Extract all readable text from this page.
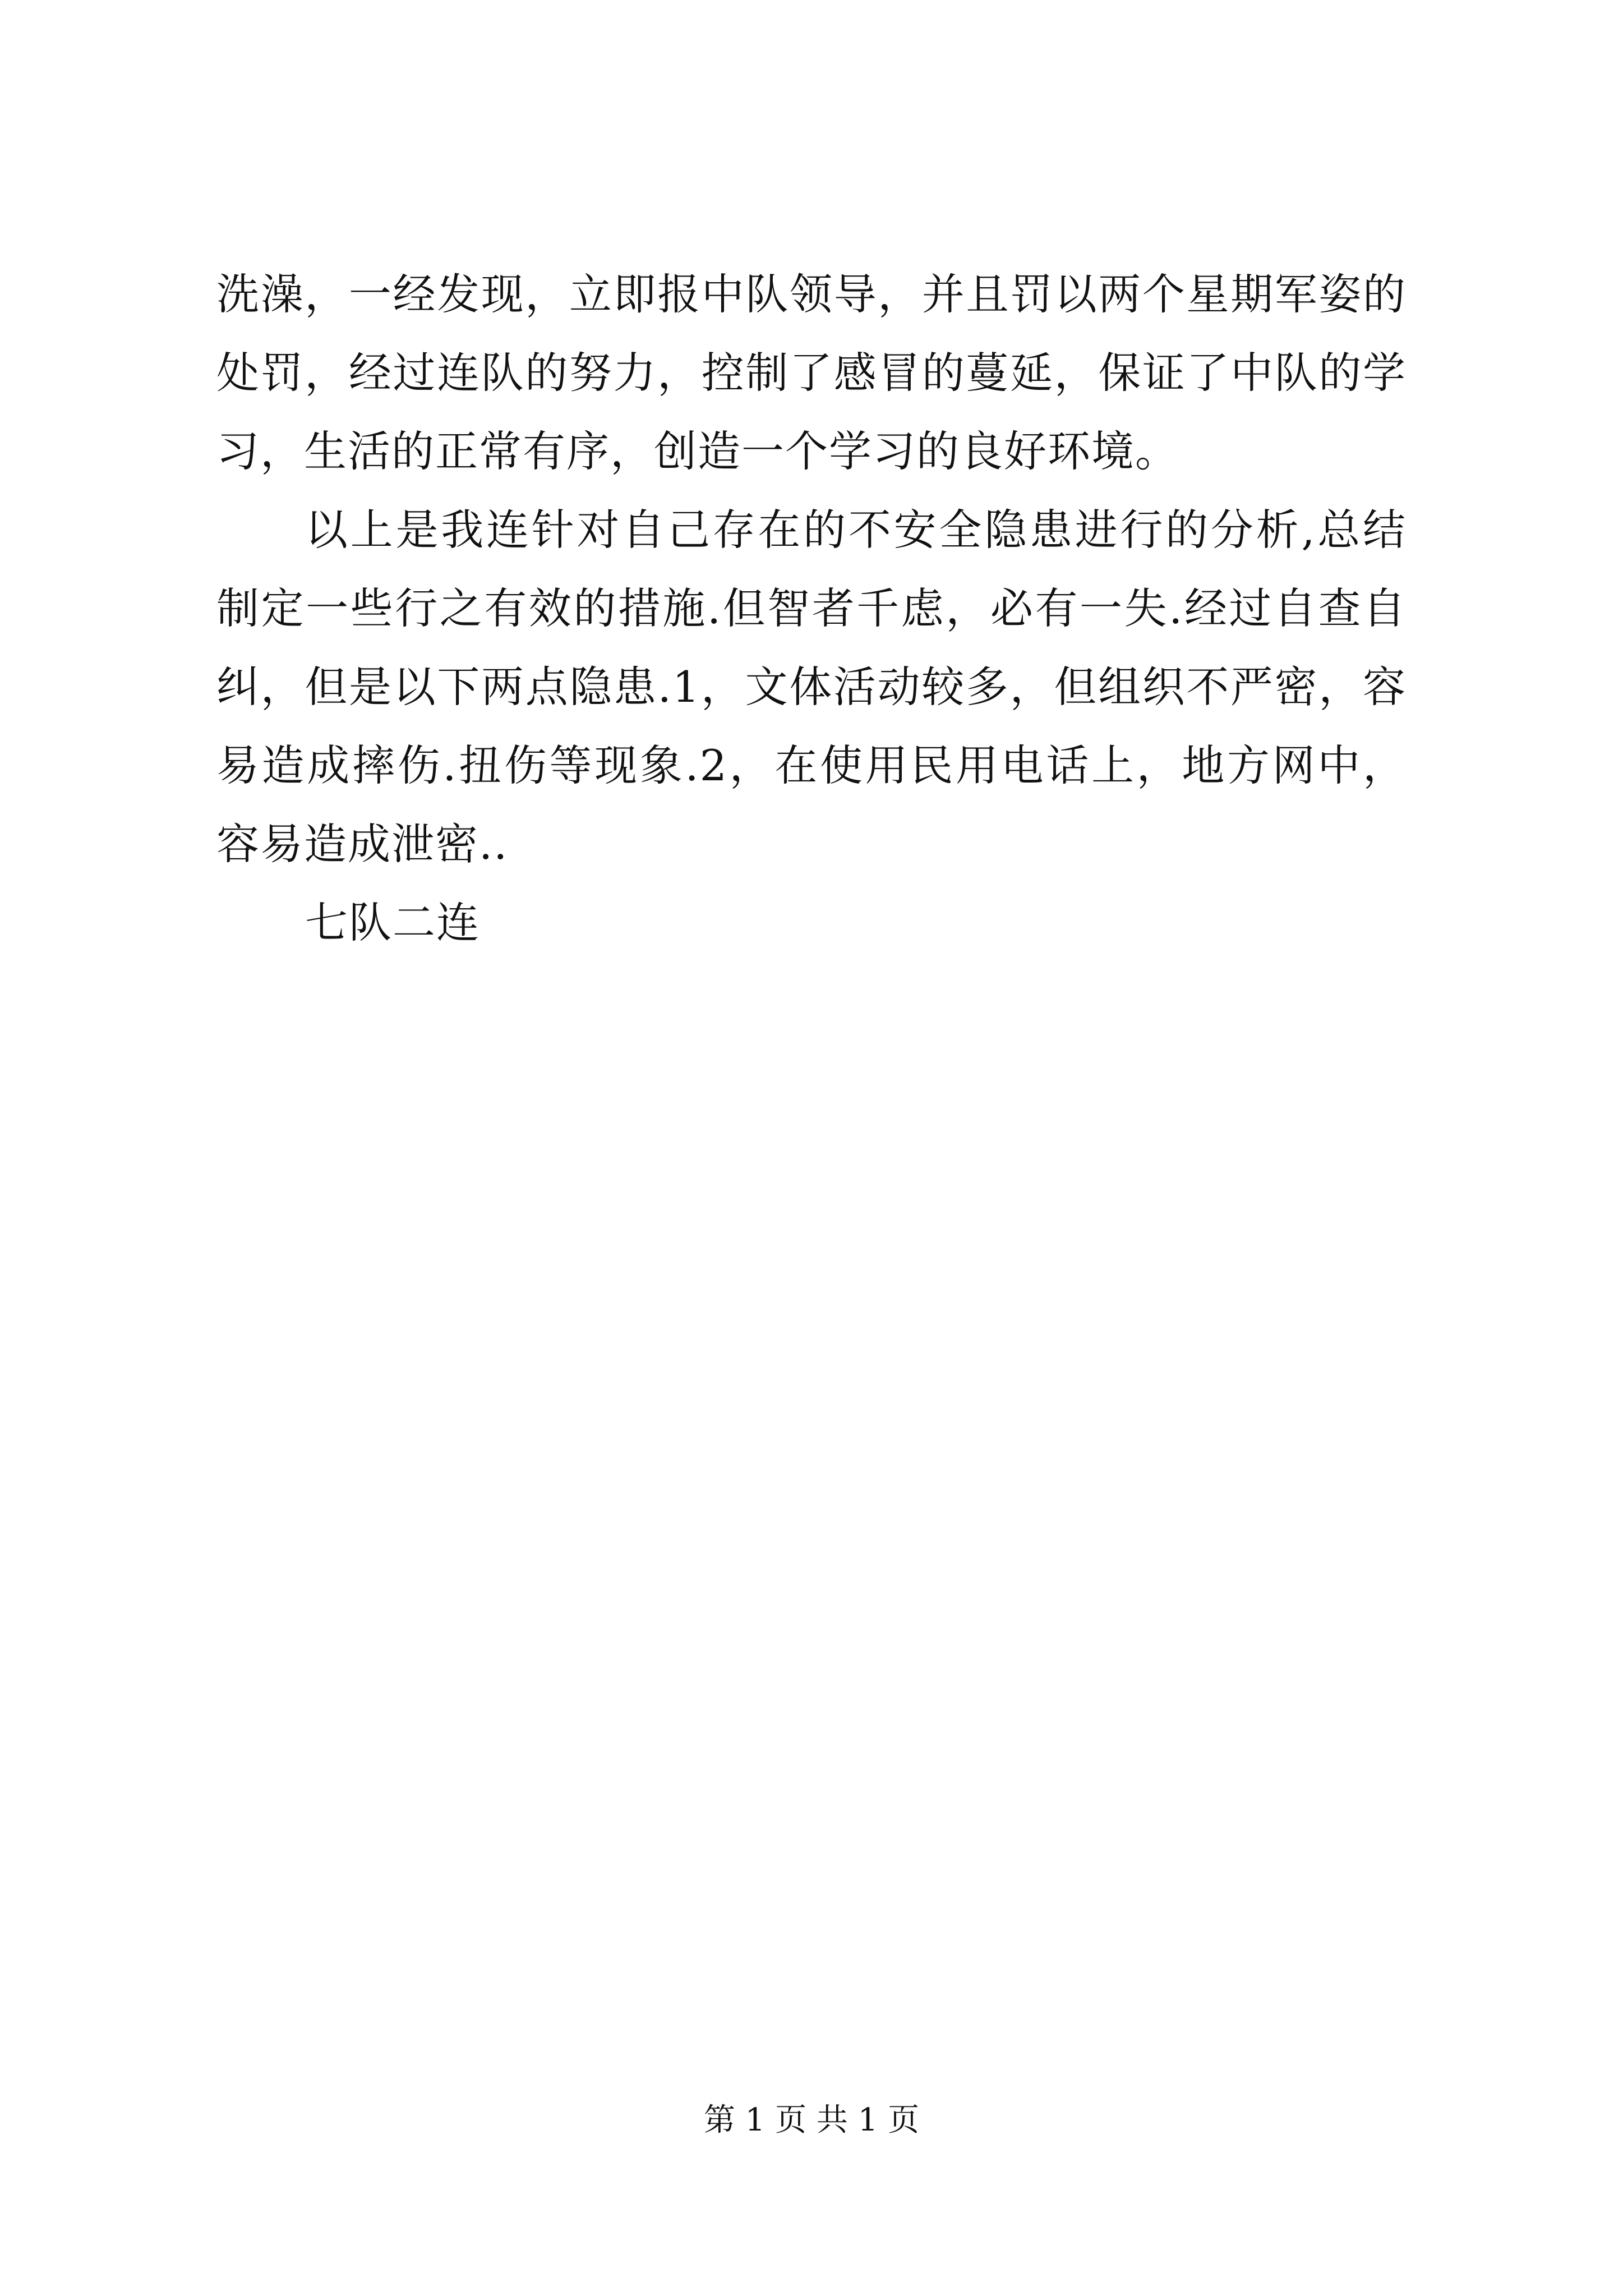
洗澡，一经发现，立即报中队领导，并且罚以两个星期军姿的处罚，经过连队的努力，控制了感冒的蔓延，保证了中队的学习，生活的正常有序，创造一个学习的良好环境。

以上是我连针对自己存在的不安全隐患进行的分析,总结制定一些行之有效的措施.但智者千虑，必有一失.经过自查自纠，但是以下两点隐患.1，文体活动较多，但组织不严密，容易造成摔伤.扭伤等现象.2，在使用民用电话上，地方网中，容易造成泄密..

七队二连

第 1 页 共 1 页
